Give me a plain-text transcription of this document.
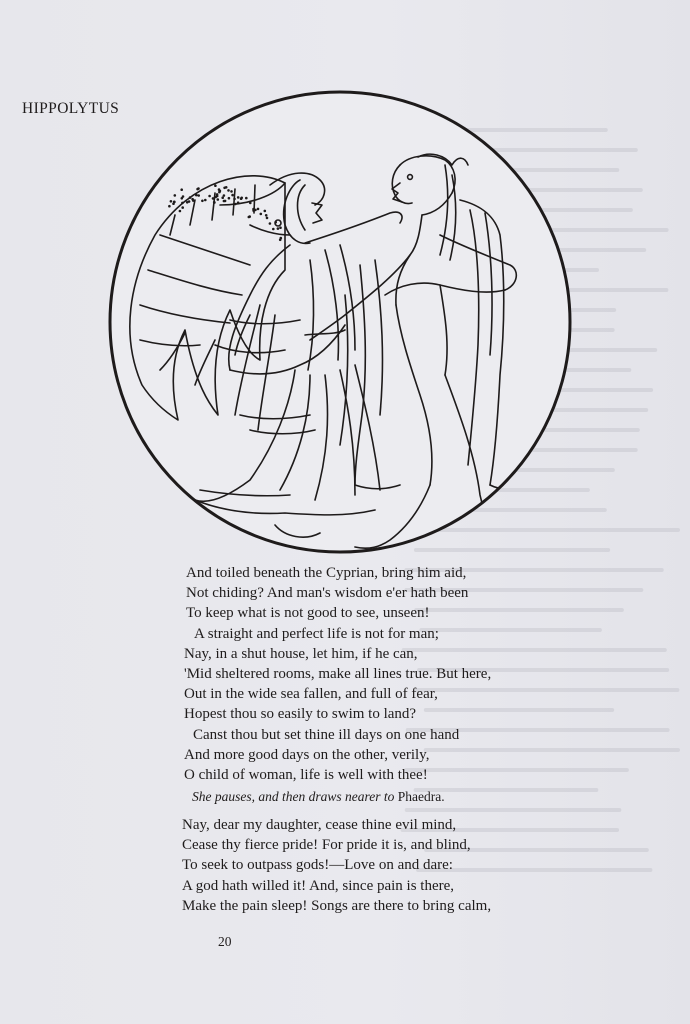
HIPPOLYTUS
And toiled beneath the Cyprian, bring him aid,
Not chiding? And man's wisdom e'er hath been
To keep what is not good to see, unseen!
A straight and perfect life is not for man;
Nay, in a shut house, let him, if he can,
'Mid sheltered rooms, make all lines true. But here,
Out in the wide sea fallen, and full of fear,
Hopest thou so easily to swim to land?
Canst thou but set thine ill days on one hand
And more good days on the other, verily,
O child of woman, life is well with thee!
She pauses, and then draws nearer to Phaedra.
Nay, dear my daughter, cease thine evil mind,
Cease thy fierce pride! For pride it is, and blind,
To seek to outpass gods!—Love on and dare:
A god hath willed it! And, since pain is there,
Make the pain sleep! Songs are there to bring calm,
20
